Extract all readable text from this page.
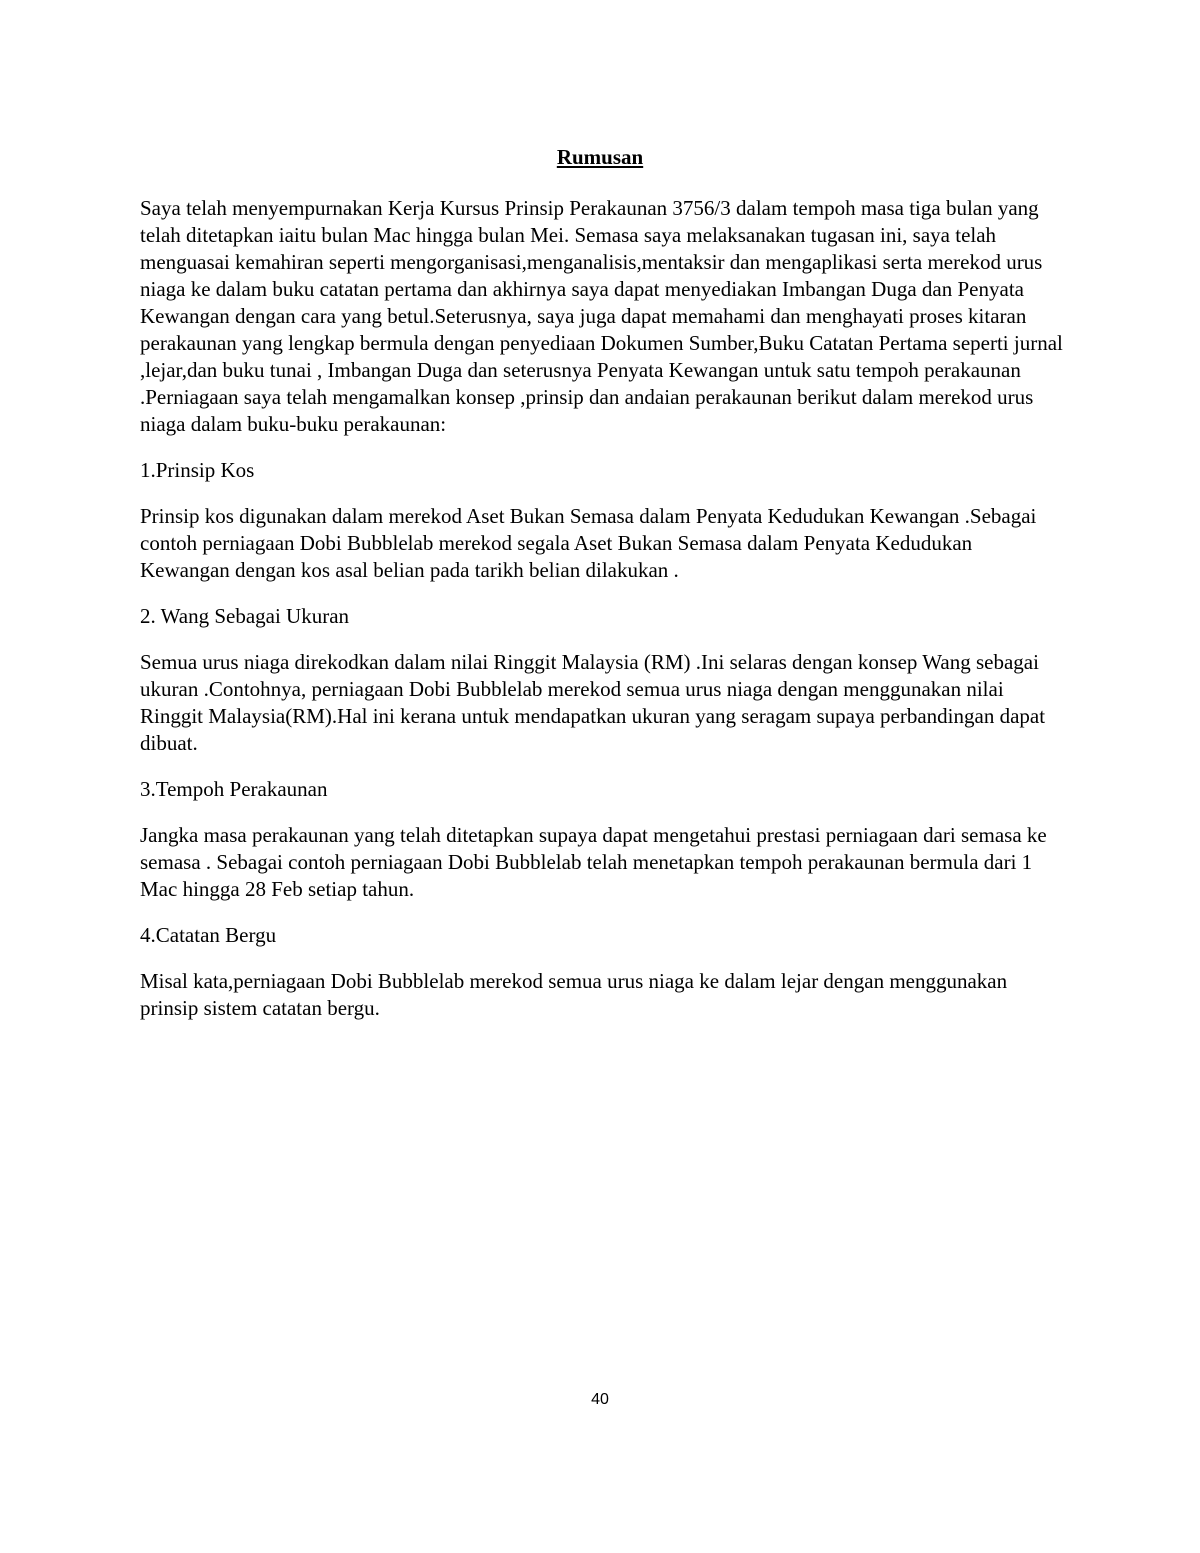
Rumusan

Saya telah menyempurnakan Kerja Kursus Prinsip Perakaunan 3756/3 dalam tempoh masa tiga bulan yang telah ditetapkan iaitu bulan Mac hingga bulan Mei. Semasa saya melaksanakan tugasan ini, saya telah menguasai kemahiran seperti mengorganisasi,menganalisis,mentaksir dan mengaplikasi serta merekod urus niaga ke dalam buku catatan pertama dan akhirnya saya dapat menyediakan Imbangan Duga dan Penyata Kewangan dengan cara yang betul.Seterusnya, saya juga dapat memahami dan menghayati proses kitaran perakaunan yang lengkap bermula dengan penyediaan Dokumen Sumber,Buku Catatan Pertama seperti jurnal ,lejar,dan buku tunai , Imbangan Duga dan seterusnya Penyata Kewangan untuk satu tempoh perakaunan .Perniagaan saya telah mengamalkan konsep ,prinsip dan andaian perakaunan berikut dalam merekod urus niaga dalam buku-buku perakaunan:

1.Prinsip Kos

Prinsip kos digunakan dalam merekod Aset Bukan Semasa dalam Penyata Kedudukan Kewangan .Sebagai contoh perniagaan Dobi Bubblelab merekod segala Aset Bukan Semasa dalam Penyata Kedudukan Kewangan dengan kos asal belian pada tarikh belian dilakukan .

2. Wang Sebagai Ukuran

Semua urus niaga direkodkan dalam nilai Ringgit Malaysia (RM) .Ini selaras dengan konsep Wang sebagai ukuran .Contohnya, perniagaan Dobi Bubblelab merekod semua urus niaga dengan menggunakan nilai Ringgit Malaysia(RM).Hal ini kerana untuk mendapatkan ukuran yang seragam supaya perbandingan dapat dibuat.

3.Tempoh Perakaunan

Jangka masa perakaunan yang telah ditetapkan supaya dapat mengetahui prestasi perniagaan dari semasa ke semasa . Sebagai contoh perniagaan Dobi Bubblelab telah menetapkan tempoh perakaunan bermula dari 1 Mac hingga 28 Feb setiap tahun.

4.Catatan Bergu

Misal kata,perniagaan Dobi Bubblelab merekod semua urus niaga ke dalam lejar dengan menggunakan prinsip sistem catatan bergu.

40
